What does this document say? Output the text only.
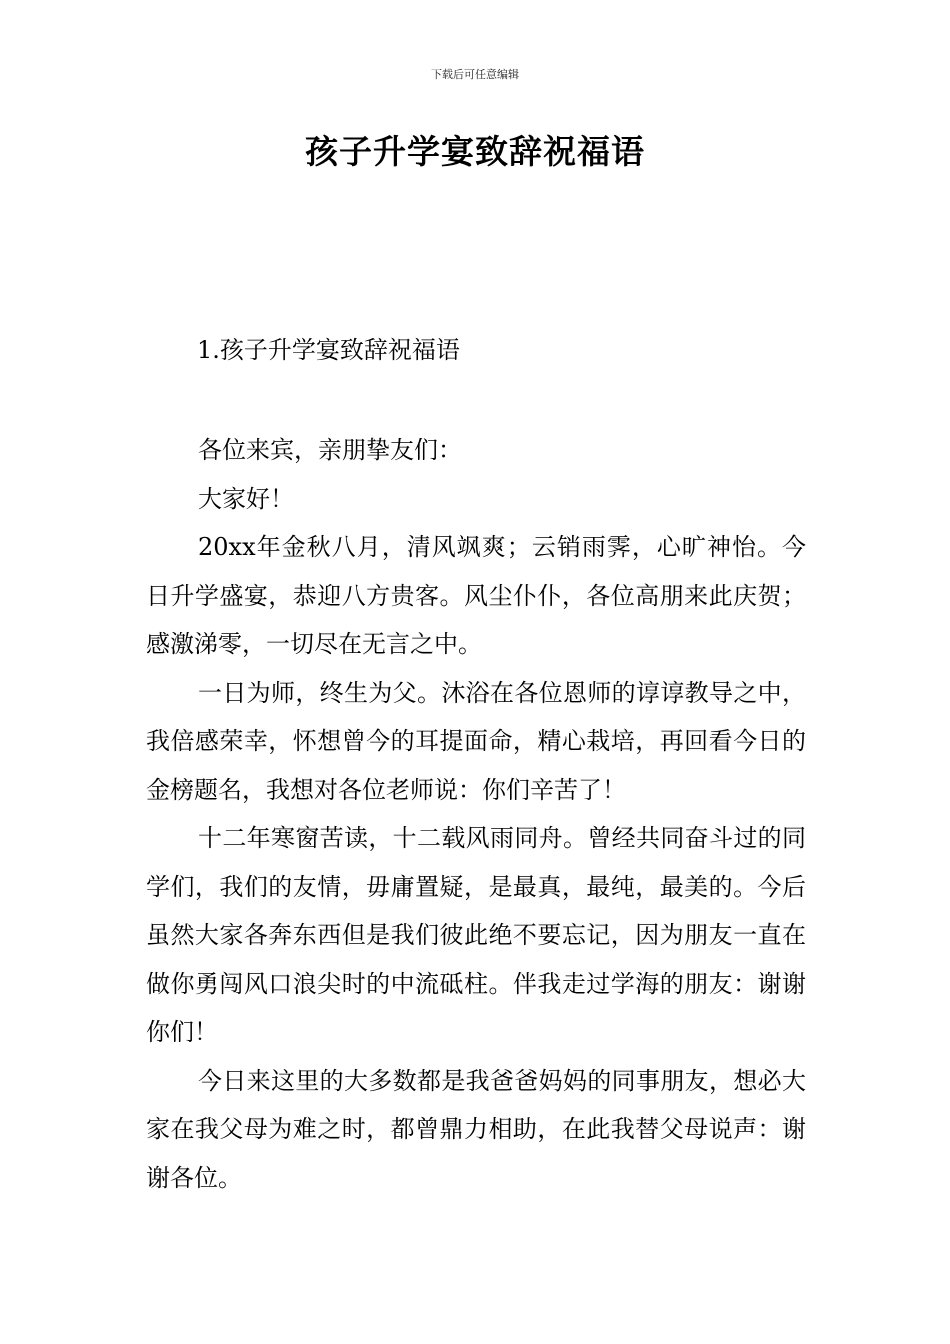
下载后可任意编辑
孩子升学宴致辞祝福语
1.孩子升学宴致辞祝福语

各位来宾，亲朋挚友们：

大家好！

20xx年金秋八月，清风飒爽；云销雨霁，心旷神怡。今日升学盛宴，恭迎八方贵客。风尘仆仆，各位高朋来此庆贺；感激涕零，一切尽在无言之中。

一日为师，终生为父。沐浴在各位恩师的谆谆教导之中，我倍感荣幸，怀想曾今的耳提面命，精心栽培，再回看今日的金榜题名，我想对各位老师说：你们辛苦了！

十二年寒窗苦读，十二载风雨同舟。曾经共同奋斗过的同学们，我们的友情，毋庸置疑，是最真，最纯，最美的。今后虽然大家各奔东西但是我们彼此绝不要忘记，因为朋友一直在做你勇闯风口浪尖时的中流砥柱。伴我走过学海的朋友：谢谢你们！

今日来这里的大多数都是我爸爸妈妈的同事朋友，想必大家在我父母为难之时，都曾鼎力相助，在此我替父母说声：谢谢各位。
